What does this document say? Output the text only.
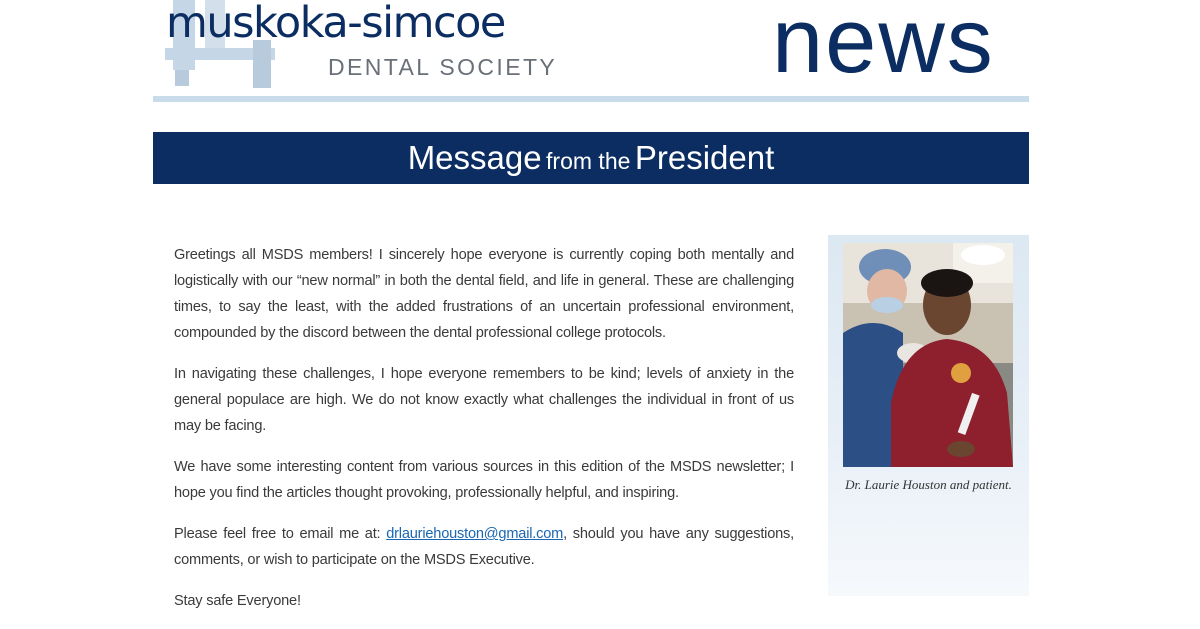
muskoka-simcoe
DENTAL SOCIETY news
Message from the President

Greetings all MSDS members! I sincerely hope everyone is currently coping both mentally and logistically with our “new normal” in both the dental field, and life in general. These are challenging times, to say the least, with the added frustrations of an uncertain professional environment, compounded by the discord between the dental professional college protocols.

In navigating these challenges, I hope everyone remembers to be kind; levels of anxiety in the general populace are high. We do not know exactly what challenges the individual in front of us may be facing.

We have some interesting content from various sources in this edition of the MSDS newsletter; I hope you find the articles thought provoking, professionally helpful, and inspiring.

Please feel free to email me at: drlauriehouston@gmail.com, should you have any suggestions, comments, or wish to participate on the MSDS Executive.

Stay safe Everyone!

Dr. Laurie Houston and patient.
